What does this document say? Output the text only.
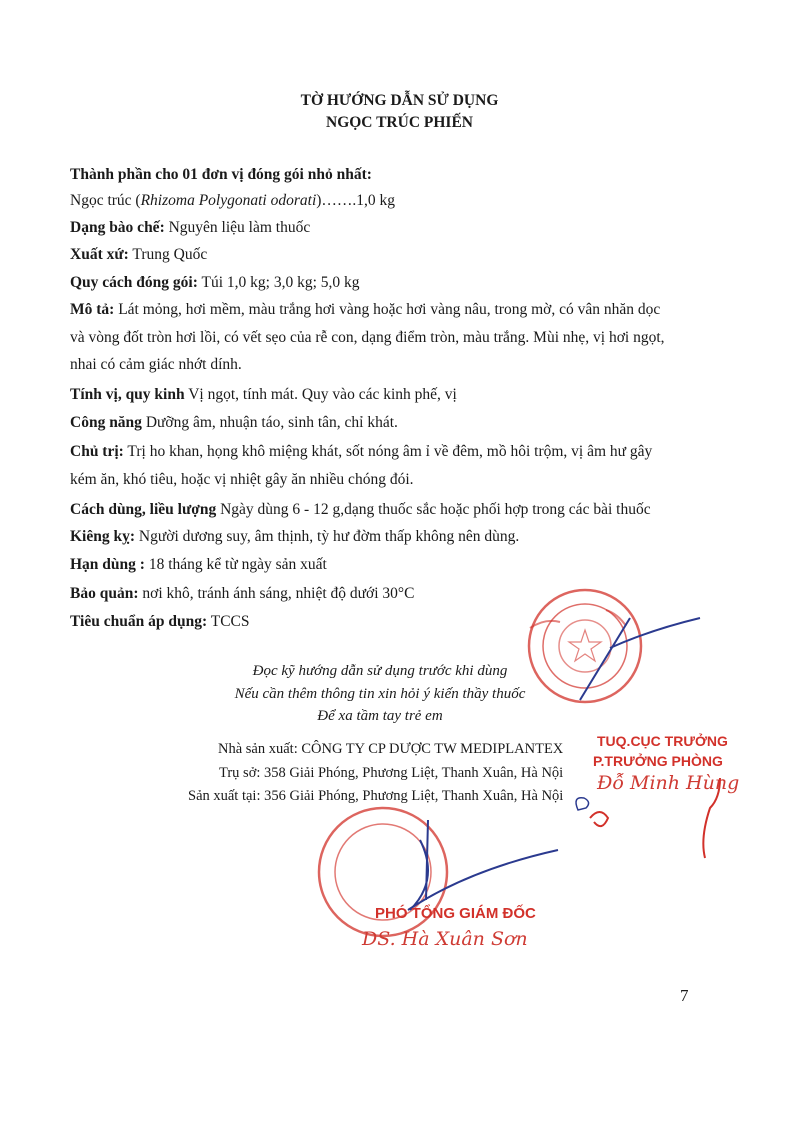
TỜ HƯỚNG DẪN SỬ DỤNG
NGỌC TRÚC PHIẾN
Thành phần cho 01 đơn vị đóng gói nhỏ nhất:
Ngọc trúc (Rhizoma Polygonati odorati)…….1,0 kg
Dạng bào chế: Nguyên liệu làm thuốc
Xuất xứ: Trung Quốc
Quy cách đóng gói: Túi 1,0 kg; 3,0 kg; 5,0 kg
Mô tả: Lát mỏng, hơi mềm, màu trắng hơi vàng hoặc hơi vàng nâu, trong mờ, có vân nhăn dọc
và vòng đốt tròn hơi lồi, có vết sẹo của rễ con, dạng điểm tròn, màu trắng. Mùi nhẹ, vị hơi ngọt,
nhai có cảm giác nhớt dính.
Tính vị, quy kinh Vị ngọt, tính mát. Quy vào các kinh phế, vị
Công năng Dưỡng âm, nhuận táo, sinh tân, chỉ khát.
Chủ trị: Trị ho khan, họng khô miệng khát, sốt nóng âm ỉ về đêm, mồ hôi trộm, vị âm hư gây
kém ăn, khó tiêu, hoặc vị nhiệt gây ăn nhiều chóng đói.
Cách dùng, liều lượng Ngày dùng 6 - 12 g,dạng thuốc sắc hoặc phối hợp trong các bài thuốc
Kiêng kỵ: Người dương suy, âm thịnh, tỳ hư đờm thấp không nên dùng.
Hạn dùng : 18 tháng kể từ ngày sản xuất
Bảo quản: nơi khô, tránh ánh sáng, nhiệt độ dưới 30°C
Tiêu chuẩn áp dụng: TCCS
Đọc kỹ hướng dẫn sử dụng trước khi dùng
Nếu cần thêm thông tin xin hỏi ý kiến thầy thuốc
Để xa tầm tay trẻ em
Nhà sản xuất: CÔNG TY CP DƯỢC TW MEDIPLANTEX
Trụ sở: 358 Giải Phóng, Phương Liệt, Thanh Xuân, Hà Nội
Sản xuất tại: 356 Giải Phóng, Phương Liệt, Thanh Xuân, Hà Nội
TUQ.CỤC TRƯỞNG
P.TRƯỞNG PHÒNG
Đỗ Minh Hùng
PHÓ TỔNG GIÁM ĐỐC
DS. Hà Xuân Sơn
7
